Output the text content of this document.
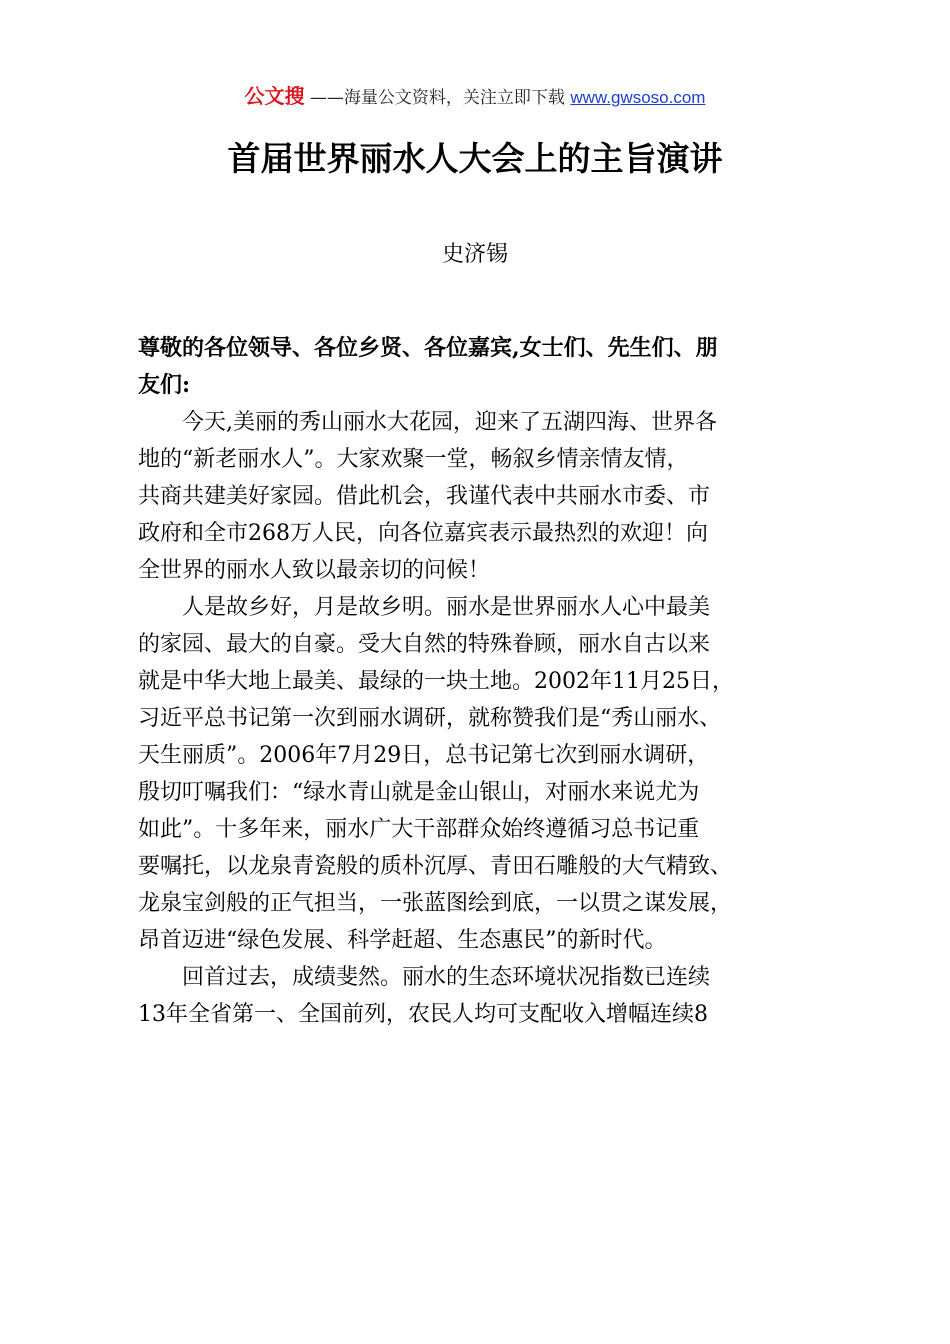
公文搜 ——海量公文资料，关注立即下载 www.gwsoso.com
首届世界丽水人大会上的主旨演讲
史济锡
尊敬的各位领导、各位乡贤、各位嘉宾,女士们、先生们、朋
友们:
今天,美丽的秀山丽水大花园，迎来了五湖四海、世界各
地的“新老丽水人”。大家欢聚一堂，畅叙乡情亲情友情，
共商共建美好家园。借此机会，我谨代表中共丽水市委、市
政府和全市268万人民，向各位嘉宾表示最热烈的欢迎！向
全世界的丽水人致以最亲切的问候！
人是故乡好，月是故乡明。丽水是世界丽水人心中最美
的家园、最大的自豪。受大自然的特殊眷顾，丽水自古以来
就是中华大地上最美、最绿的一块土地。2002年11月25日，
习近平总书记第一次到丽水调研，就称赞我们是“秀山丽水、
天生丽质”。2006年7月29日，总书记第七次到丽水调研，
殷切叮嘱我们：“绿水青山就是金山银山，对丽水来说尤为
如此”。十多年来，丽水广大干部群众始终遵循习总书记重
要嘱托，以龙泉青瓷般的质朴沉厚、青田石雕般的大气精致、
龙泉宝剑般的正气担当，一张蓝图绘到底，一以贯之谋发展，
昂首迈进“绿色发展、科学赶超、生态惠民”的新时代。
回首过去，成绩斐然。丽水的生态环境状况指数已连续
13年全省第一、全国前列，农民人均可支配收入增幅连续8
